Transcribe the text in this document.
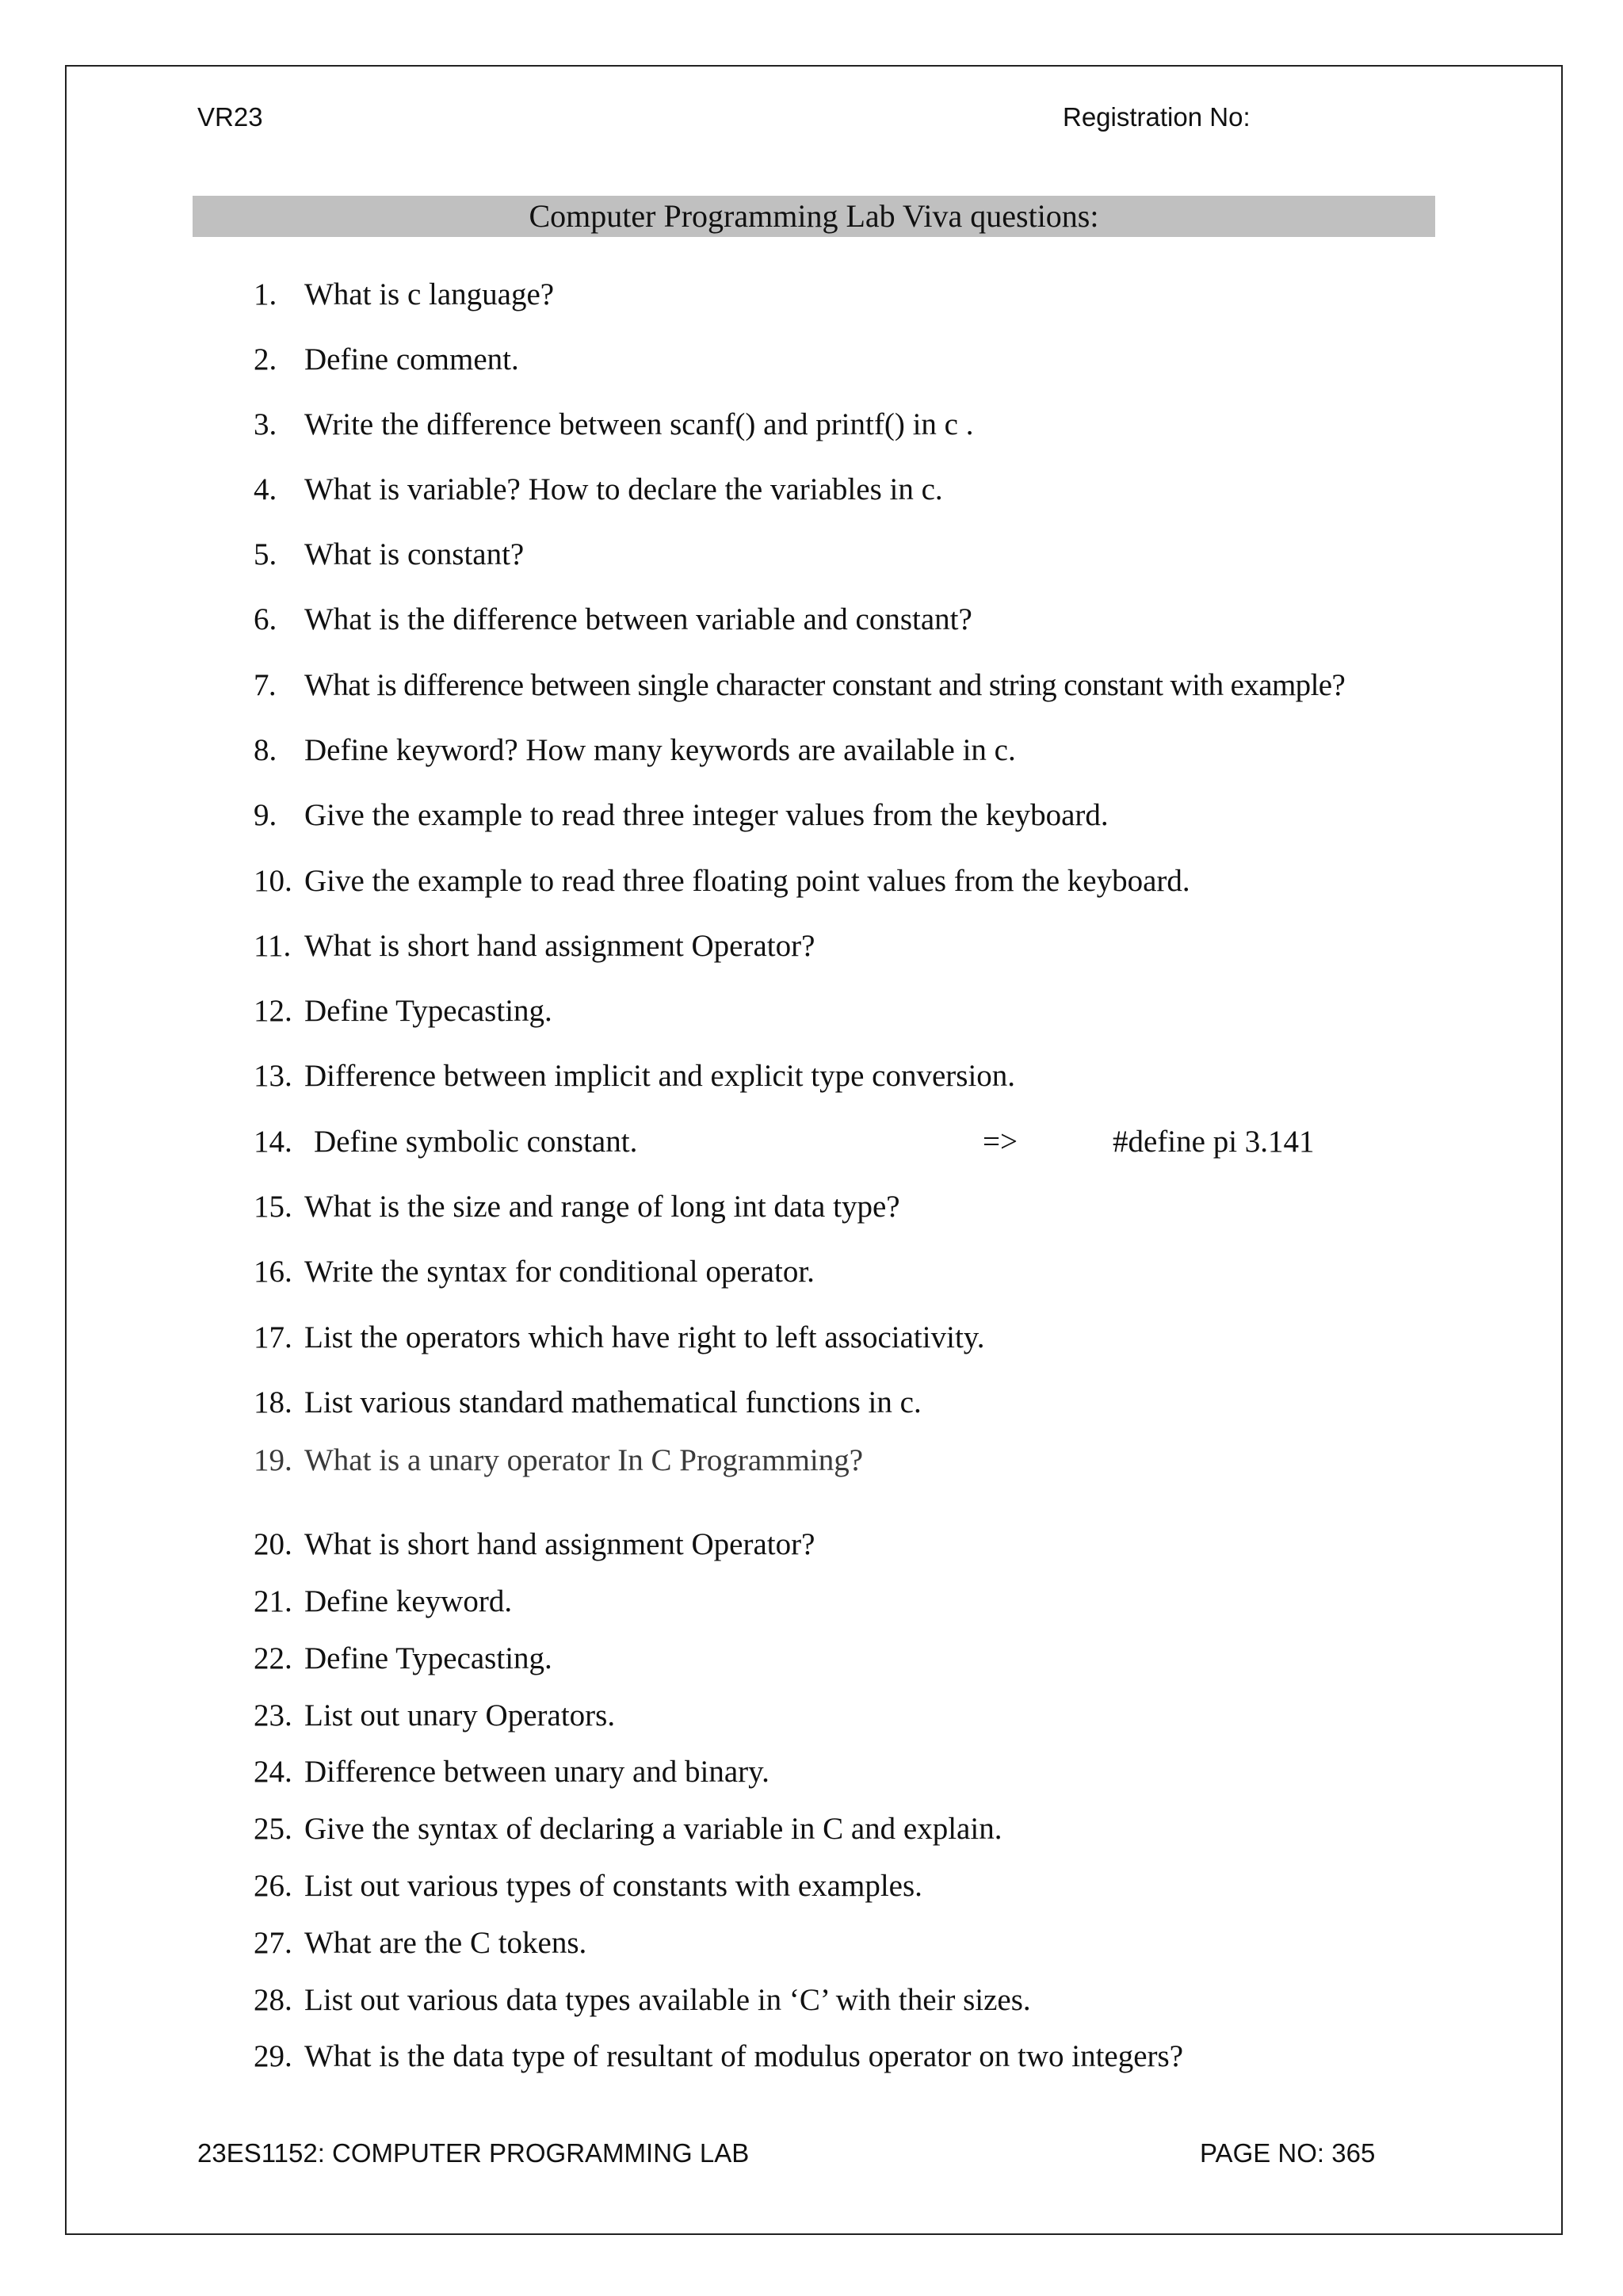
VR23	Registration No:
Computer Programming Lab Viva questions:
1. What is c language?
2. Define comment.
3. Write the difference between scanf() and printf() in c .
4. What is variable? How to declare the variables in c.
5. What is constant?
6. What is the difference between variable and constant?
7. What is difference between single character constant and string constant with example?
8. Define keyword? How many keywords are available in c.
9. Give the example to read three integer values from the keyboard.
10. Give the example to read three floating point values from the keyboard.
11. What is short hand assignment Operator?
12. Define Typecasting.
13. Difference between implicit and explicit type conversion.
14. Define symbolic constant.	=>	#define pi 3.141
15. What is the size and range of long int data type?
16. Write the syntax for conditional operator.
17. List the operators which have right to left associativity.
18. List various standard mathematical functions in c.
19. What is a unary operator In C Programming?
20. What is short hand assignment Operator?
21. Define keyword.
22. Define Typecasting.
23. List out unary Operators.
24. Difference between unary and binary.
25. Give the syntax of declaring a variable in C and explain.
26. List out various types of constants with examples.
27. What are the C tokens.
28. List out various data types available in ‘C’ with their sizes.
29. What is the data type of resultant of modulus operator on two integers?
23ES1152: COMPUTER PROGRAMMING LAB	PAGE NO: 365
